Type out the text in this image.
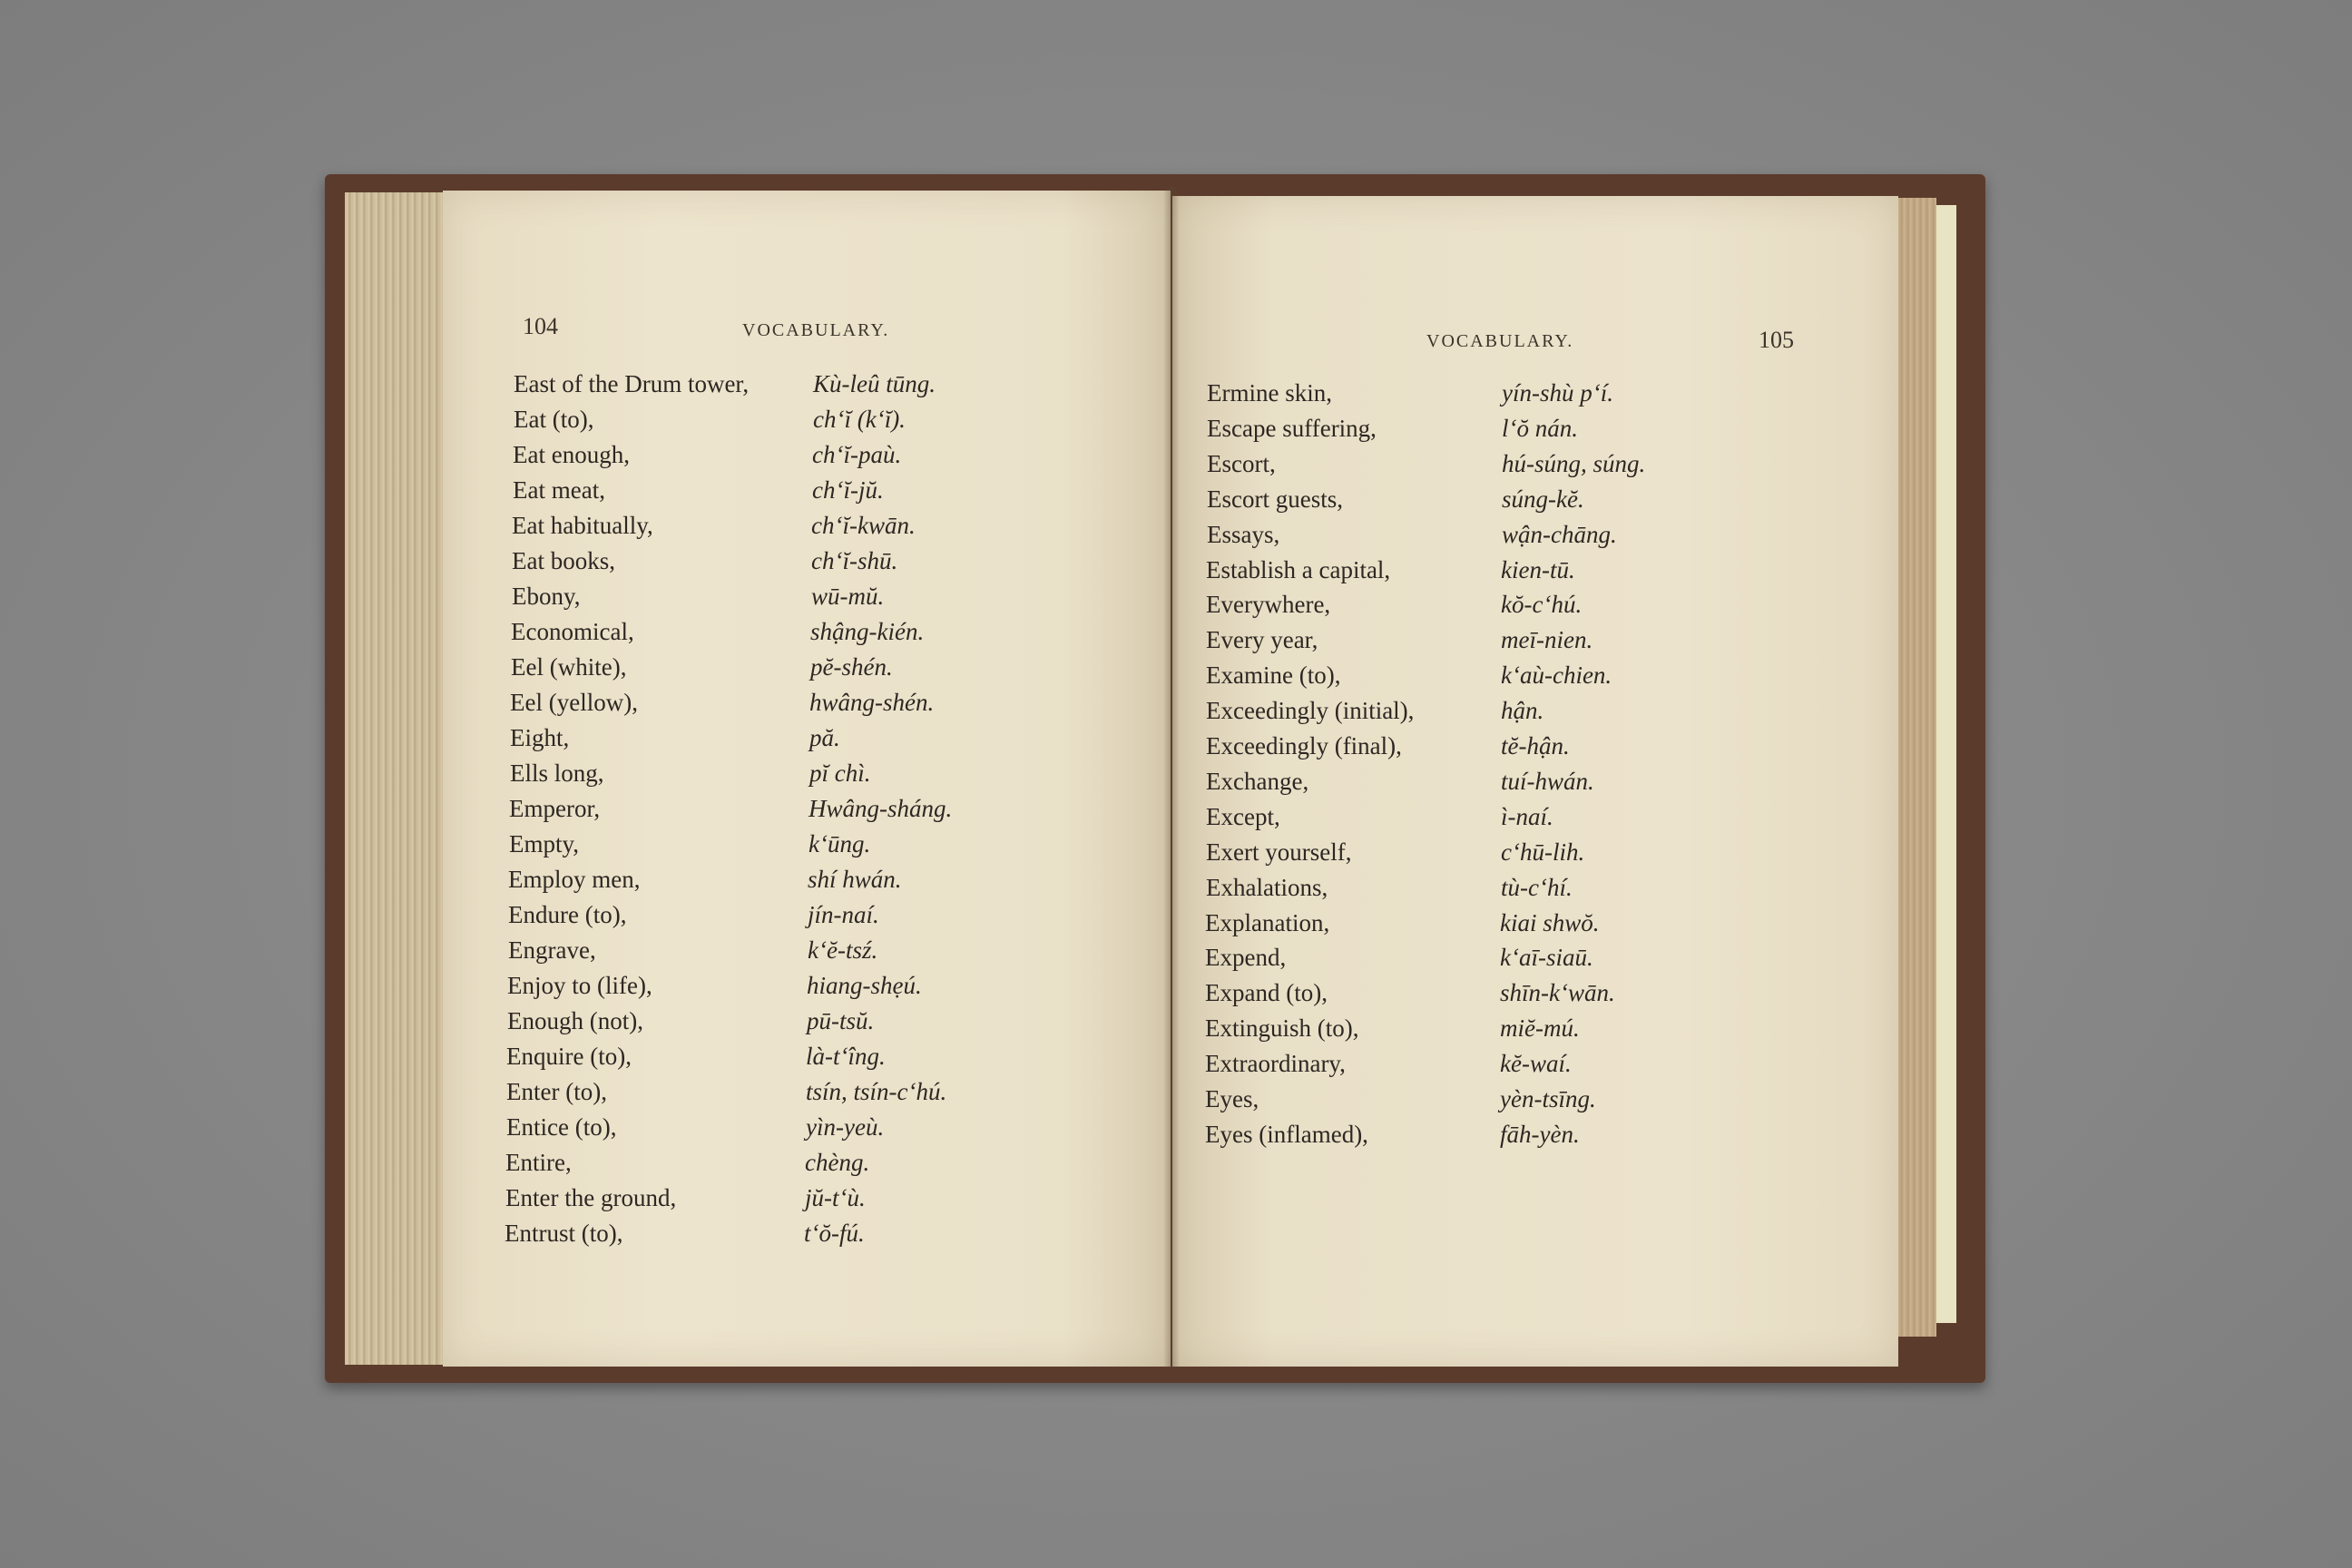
104	VOCABULARY.
VOCABULARY.	105
East of the Drum tower,	Kù-leû tūng.
Eat (to),	ch‘ĭ (k‘ĭ).
Eat enough,	ch‘ĭ-paù.
Eat meat,	ch‘ĭ-jŭ.
Eat habitually,	ch‘ĭ-kwān.
Eat books,	ch‘ĭ-shū.
Ebony,	wū-mŭ.
Economical,	shậng-kién.
Eel (white),	pĕ-shén.
Eel (yellow),	hwâng-shén.
Eight,	pă.
Ells long,	pĭ chì.
Emperor,	Hwâng-sháng.
Empty,	k‘ūng.
Employ men,	shí hwán.
Endure (to),	jín-naí.
Engrave,	k‘ĕ-tsź.
Enjoy to (life),	hiang-shẹú.
Enough (not),	pū-tsŭ.
Enquire (to),	là-t‘îng.
Enter (to),	tsín, tsín-c‘hú.
Entice (to),	yìn-yeù.
Entire,	chèng.
Enter the ground,	jŭ-t‘ù.
Entrust (to),	t‘ŏ-fú.
Ermine skin,	yín-shù p‘í.
Escape suffering,	l‘ŏ nán.
Escort,	hú-súng, súng.
Escort guests,	súng-kĕ.
Essays,	wận-chāng.
Establish a capital,	kien-tū.
Everywhere,	kŏ-c‘hú.
Every year,	meī-nien.
Examine (to),	k‘aù-chien.
Exceedingly (initial),	hận.
Exceedingly (final),	tĕ-hận.
Exchange,	tuí-hwán.
Except,	ì-naí.
Exert yourself,	c‘hū-lih.
Exhalations,	tù-c‘hí.
Explanation,	kiai shwŏ.
Expend,	k‘aī-siaū.
Expand (to),	shīn-k‘wān.
Extinguish (to),	miĕ-mú.
Extraordinary,	kĕ-waí.
Eyes,	yèn-tsīng.
Eyes (inflamed),	fāh-yèn.
